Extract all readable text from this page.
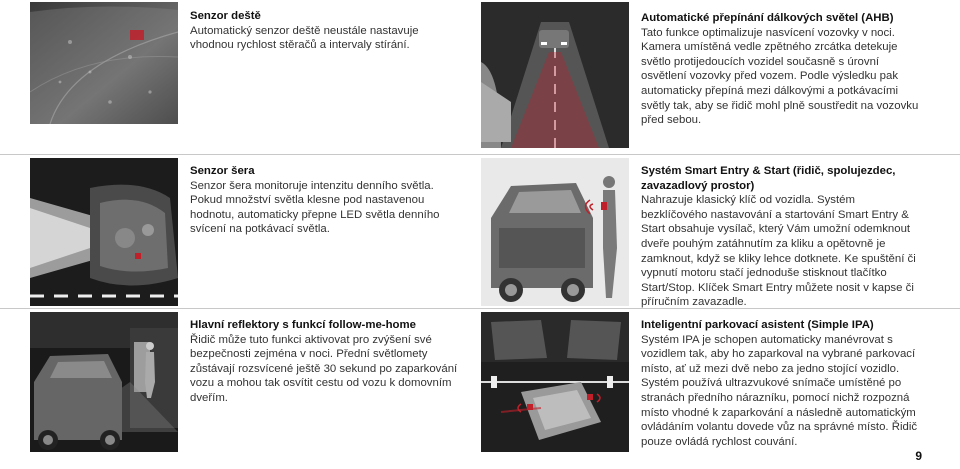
Senzor deště
Automatický senzor deště neustále nastavuje vhodnou rychlost stěračů a intervaly stírání.
Automatické přepínání dálkových světel (AHB)
Tato funkce optimalizuje nasvícení vozovky v noci. Kamera umístěná vedle zpětného zrcátka detekuje světlo protijedoucích vozidel současně s úrovní osvětlení vozovky před vozem. Podle výsledku pak automaticky přepíná mezi dálkovými a potkávacími světly tak, aby se řidič mohl plně soustředit na vozovku před sebou.
Senzor šera
Senzor šera monitoruje intenzitu denního světla. Pokud množství světla klesne pod nastavenou hodnotu, automaticky přepne LED světla denního svícení na potkávací světla.
Systém Smart Entry & Start (řidič, spolujezdec, zavazadlový prostor)
Nahrazuje klasický klíč od vozidla. Systém bezklíčového nastavování a startování Smart Entry & Start obsahuje vysílač, který Vám umožní odemknout dveře pouhým zatáhnutím za kliku a opětovně je zamknout, když se kliky lehce dotknete. Ke spuštění či vypnutí motoru stačí jednoduše stisknout tlačítko Start/Stop. Klíček Smart Entry můžete nosit v kapse či příručním zavazadle.
Hlavní reflektory s funkcí follow-me-home
Řidič může tuto funkci aktivovat pro zvýšení své bezpečnosti zejména v noci. Přední světlomety zůstávají rozsvícené ještě 30 sekund po zaparkování vozu a mohou tak osvítit cestu od vozu k domovním dveřím.
Inteligentní parkovací asistent (Simple IPA)
Systém IPA je schopen automaticky manévrovat s vozidlem tak, aby ho zaparkoval na vybrané parkovací místo, ať už mezi dvě nebo za jedno stojící vozidlo. Systém používá ultrazvukové snímače umístěné po stranách předního nárazníku, pomocí nichž rozpozná místo vhodné k zaparkování a následně automatickým ovládáním volantu dovede vůz na správné místo. Řidič pouze ovládá rychlost couvání.
9
